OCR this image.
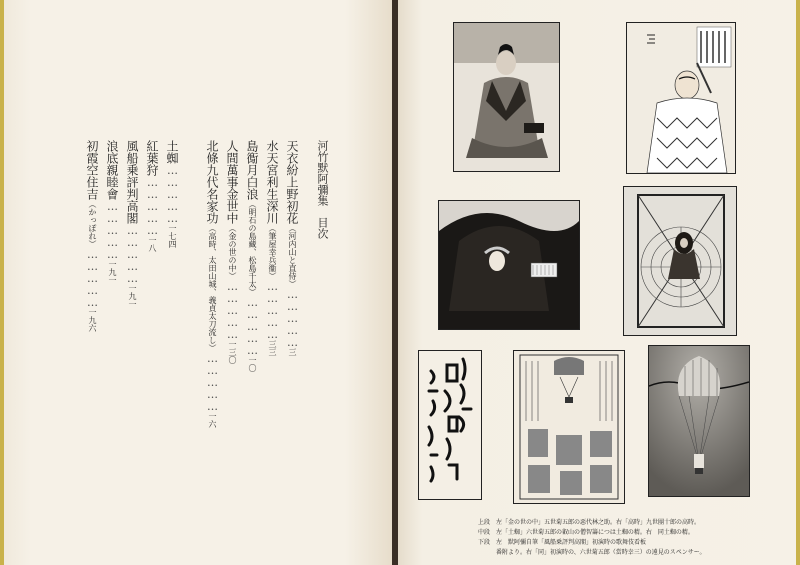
河竹默阿彌集　目次
天衣紛上野初花（河内山と直侍）……………三
水天宮利生深川（筆屋幸兵衞）……………三三
島鵆月白浪（明石の島藏、松島千太）……………一〇
人間萬事金世中（金の世の中）……………一三〇
北條九代名家功（高時、太田山城、義貞太刀流し）……………一六
土蜘……………一七四
紅葉狩……………一八
風船乗評判高閣……………一九一
浪底親睦會……………一九一
初霞空住吉（かっぽれ）……………一九六
上段　左「金の世の中」五世菊五郎の惡代林之助。右「高時」九世團十郎の高時。
中段　左「土蜘」六世菊五郎の叡山の僧智籌につは土蜘の精。右　同土蜘の精。
下段　左　默阿彌自筆「風船乗評判高閣」初演時の歌舞伎看板
　　　番附より。右「同」初演時の、六世菊五郎（當時幸三）の遠見のスペンサー。
